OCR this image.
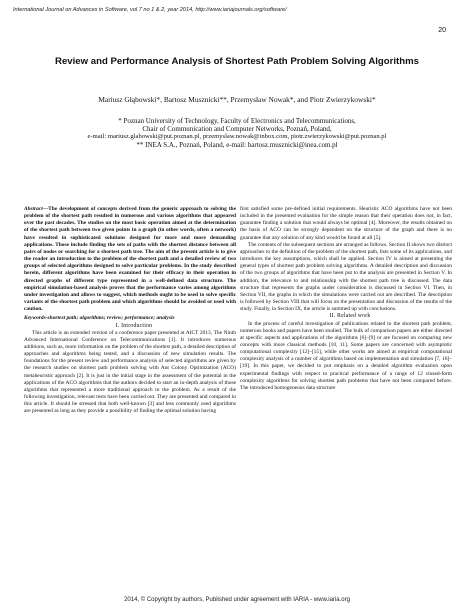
International Journal on Advances in Software, vol 7 no 1 & 2, year 2014, http://www.iariajournals.org/software/
20
Review and Performance Analysis of Shortest Path Problem Solving Algorithms
Mariusz Głąbowski*, Bartosz Musznicki**, Przemysław Nowak*, and Piotr Zwierzykowski*
* Poznan University of Technology, Faculty of Electronics and Telecommunications,
Chair of Communication and Computer Networks, Poznań, Poland,
e-mail: mariusz.glabowski@put.poznan.pl, przemyslaw.nowak@inbox.com, piotr.zwierzykowski@put.poznan.pl
** INEA S.A., Poznań, Poland, e-mail: bartosz.musznicki@inea.com.pl

Abstract—The development of concepts derived from the generic approach to solving the problem of the shortest path resulted in numerous and various algorithms that appeared over the past decades. The studies on the most basic operation aimed at the determination of the shortest path between two given points in a graph (in other words, often a network) have resulted in sophisticated solutions designed for more and more demanding applications. Those include finding the sets of paths with the shortest distance between all pairs of nodes or searching for a shortest path tree. The aim of the present article is to give the reader an introduction to the problem of the shortest path and a detailed review of two groups of selected algorithms designed to solve particular problems. In the study described herein, different algorithms have been examined for their efficacy in their operation in directed graphs of different type represented in a well-defined data structure. The empirical simulation-based analysis proves that the performance varies among algorithms under investigation and allows to suggest, which methods ought to be used to solve specific variants of the shortest path problem and which algorithms should be avoided or used with caution.

Keywords-shortest path; algorithms; review; performance; analysis

I. Introduction

This article is an extended version of a conference paper presented at AICT 2013, The Ninth Advanced International Conference on Telecommunications [1]. It introduces numerous additions, such as, more information on the problem of the shortest path, a detailed description of approaches and algorithms being tested, and a discussion of new simulation results. The foundations for the present review and performance analysis of selected algorithms are given by the research studies on shortest path problem solving with Ant Colony Optimization (ACO) metaheuristic approach [2]. It is just in the initial stage in the assessment of the potential in the applications of the ACO algorithms that the authors decided to start an in-depth analysis of those algorithms that represented a more traditional approach to the problem. As a result of the following investigation, relevant tests have been carried out. They are presented and compared in this article. It should be stressed that both well-known [3] and less commonly used algorithms are presented as long as they provide a possibility of finding the optimal solution having

first satisfied some pre-defined initial requirements. Heuristic ACO algorithms have not been included in the presented evaluation for the simple reason that their operation does not, in fact, guarantee finding a solution that would always be optimal [4]. Moreover, the results obtained on the basis of ACO can be strongly dependent on the structure of the graph and there is no guarantee that any solution of any kind would be found at all [5].

The contents of the subsequent sections are arranged as follows. Section II shows two distinct approaches to the definition of the problem of the shortest path, lists some of its applications, and introduces the key assumptions, which shall be applied. Section IV is aimed at presenting the general types of shortest path problem solving algorithms. A detailed description and discussion of the two groups of algorithms that have been put to the analysis are presented in Section V. In addition, the relevance to and relationship with the shortest path tree is discussed. The data structure that represents the graphs under consideration is discussed in Section VI. Then, in Section VII, the graphs in which the simulations were carried out are described. The description is followed by Section VIII that will focus on the presentation and discussion of the results of the study. Finally, in Section IX, the article is summed up with conclusions.

II. Related work

In the process of careful investigation of publications related to the shortest path problem, numerous books and papers have been studied. The bulk of comparison papers are either directed at specific aspects and applications of the algorithms [6]–[9] or are focused on comparing new concepts with more classical methods [10, 11]. Some papers are concerned with asymptotic computational complexity [12]–[15], while other works are aimed at empirical computational complexity analysis of a number of algorithms based on implementation and simulation [7, 16]–[19]. In this paper, we decided to put emphasis on a detailed algorithm evaluation upon experimental findings with respect to practical performance of a range of 12 closed-form complexity algorithms for solving shortest path problems that have not been compared before. The introduced homogeneous data structure

2014, © Copyright by authors, Published under agreement with IARIA - www.iaria.org
